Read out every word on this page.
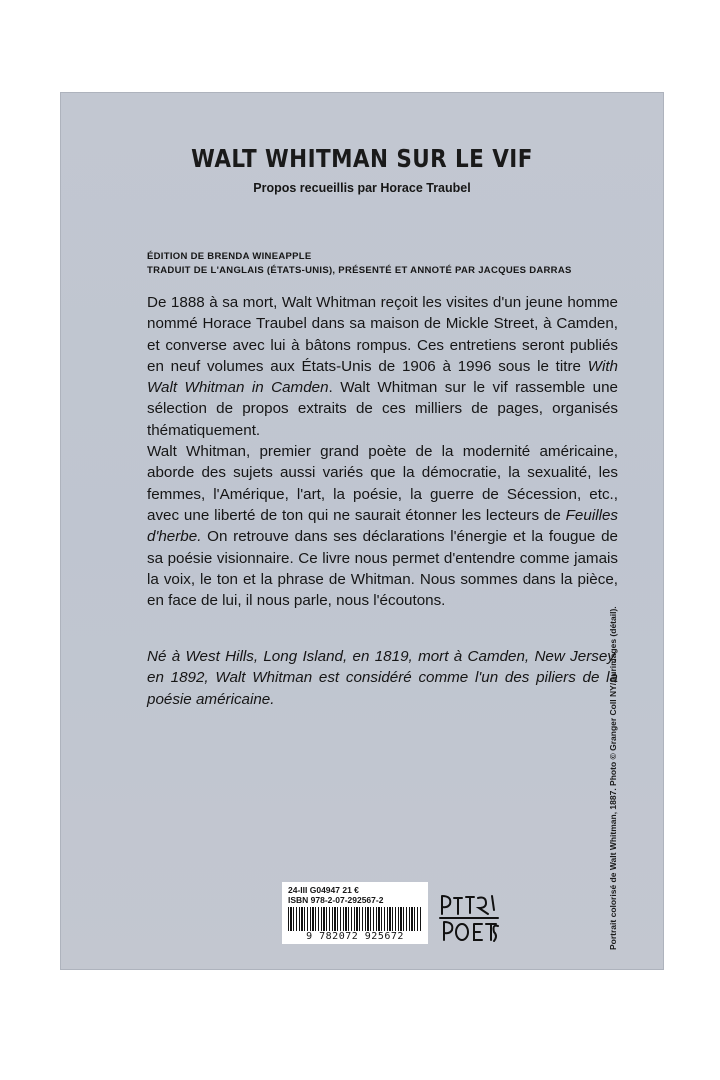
WALT WHITMAN SUR LE VIF
Propos recueillis par Horace Traubel
ÉDITION DE BRENDA WINEAPPLE
TRADUIT DE L'ANGLAIS (ÉTATS-UNIS), PRÉSENTÉ ET ANNOTÉ PAR JACQUES DARRAS

De 1888 à sa mort, Walt Whitman reçoit les visites d'un jeune homme nommé Horace Traubel dans sa maison de Mickle Street, à Camden, et converse avec lui à bâtons rompus. Ces entretiens seront publiés en neuf volumes aux États-Unis de 1906 à 1996 sous le titre With Walt Whitman in Camden. Walt Whitman sur le vif rassemble une sélection de propos extraits de ces milliers de pages, organisés thématiquement.

Walt Whitman, premier grand poète de la modernité américaine, aborde des sujets aussi variés que la démocratie, la sexualité, les femmes, l'Amérique, l'art, la poésie, la guerre de Sécession, etc., avec une liberté de ton qui ne saurait étonner les lecteurs de Feuilles d'herbe. On retrouve dans ses déclarations l'énergie et la fougue de sa poésie visionnaire. Ce livre nous permet d'entendre comme jamais la voix, le ton et la phrase de Whitman. Nous sommes dans la pièce, en face de lui, il nous parle, nous l'écoutons.

Né à West Hills, Long Island, en 1819, mort à Camden, New Jersey, en 1892, Walt Whitman est considéré comme l'un des piliers de la poésie américaine.	Portrait colorisé de Walt Whitman, 1887. Photo © Granger Coll NY/Aurimages (détail).
24-III G04947 21 €
ISBN 978-2-07-292567-2
9 782072 925672
